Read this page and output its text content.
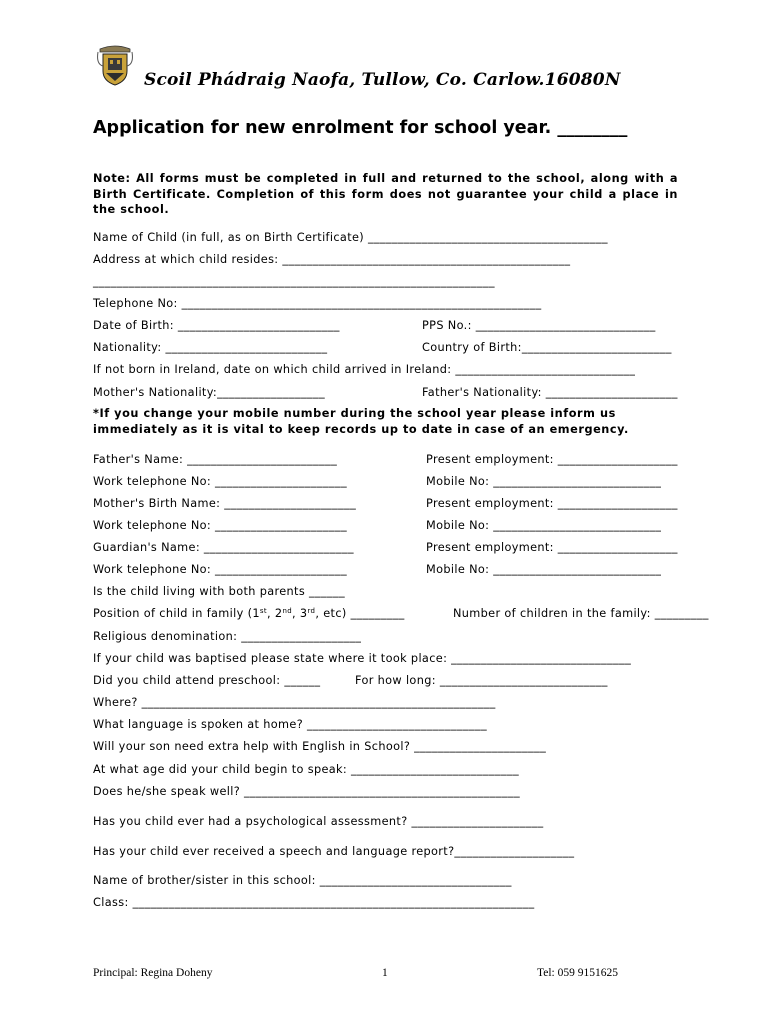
Scoil Phádraig Naofa, Tullow, Co. Carlow.16080N
Application for new enrolment for school year. ________
Note: All forms must be completed in full and returned to the school, along with a Birth Certificate. Completion of this form does not guarantee your child a place in the school.
Name of Child (in full, as on Birth Certificate) ________________________________________
Address at which child resides: ________________________________________________
___________________________________________________________________
Telephone No: ____________________________________________________________
Date of Birth: ___________________________	PPS No.: ______________________________
Nationality: ___________________________	Country of Birth:_________________________
If not born in Ireland, date on which child arrived in Ireland: ______________________________
Mother's Nationality:__________________	Father's Nationality: ______________________
*If you change your mobile number during the school year please inform us immediately as it is vital to keep records up to date in case of an emergency.
Father's Name: _________________________	Present employment: ____________________
Work telephone No: ______________________	Mobile No: ____________________________
Mother's Birth Name: ______________________	Present employment: ____________________
Work telephone No: ______________________	Mobile No: ____________________________
Guardian's Name: _________________________	Present employment: ____________________
Work telephone No: ______________________	Mobile No: ____________________________
Is the child living with both parents ______
Position of child in family (1st, 2nd, 3rd, etc) _________	Number of children in the family: _________
Religious denomination: ____________________
If your child was baptised please state where it took place: ______________________________
Did you child attend preschool: ______	For how long: ____________________________
Where? ___________________________________________________________
What language is spoken at home? ______________________________
Will your son need extra help with English in School? ______________________
At what age did your child begin to speak: ____________________________
Does he/she speak well? ______________________________________________
Has you child ever had a psychological assessment? ______________________
Has your child ever received a speech and language report?____________________
Name of brother/sister in this school: ________________________________
Class: ___________________________________________________________________
Principal: Regina Doheny	1	Tel: 059 9151625
